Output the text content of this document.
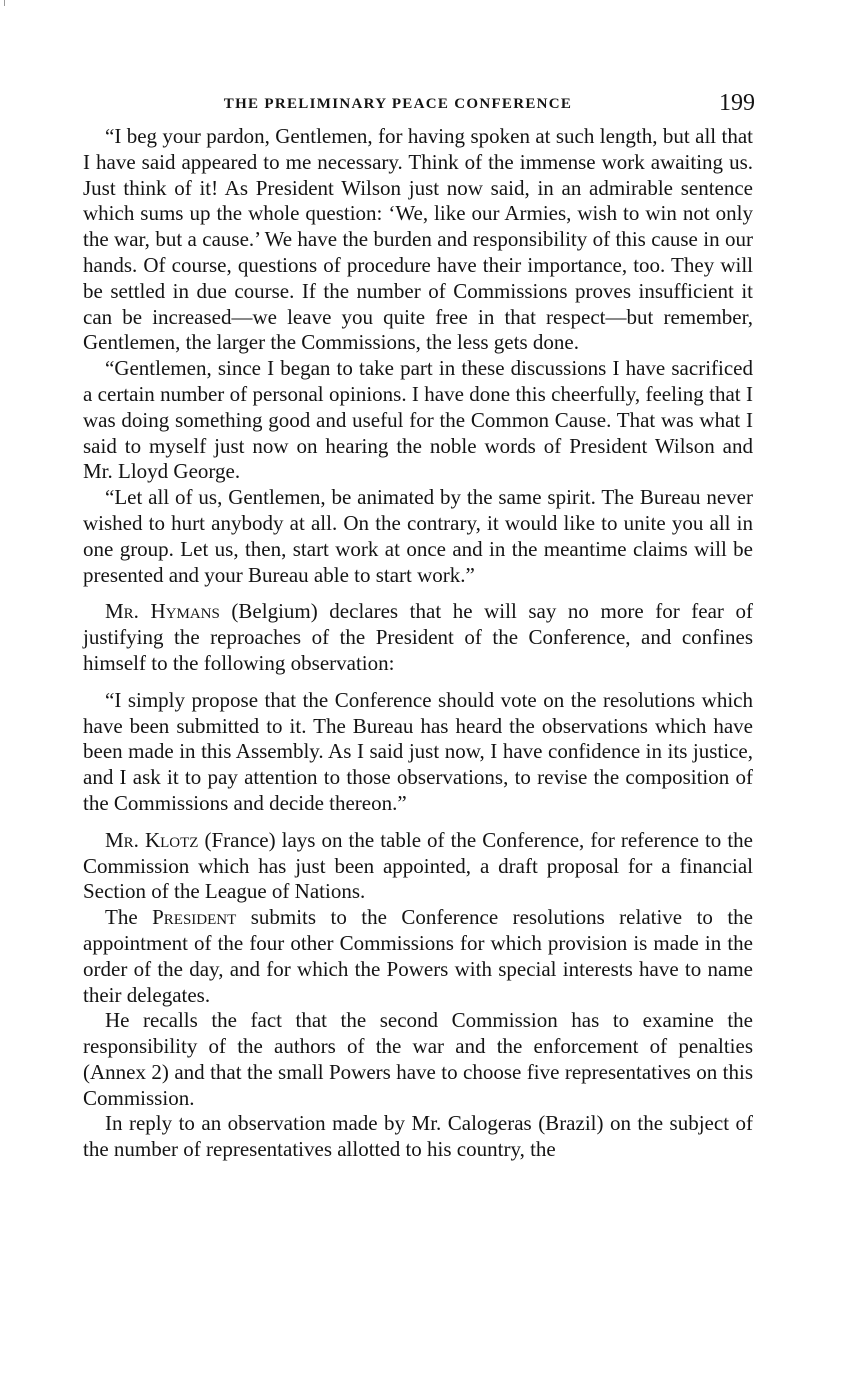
THE PRELIMINARY PEACE CONFERENCE	199

“I beg your pardon, Gentlemen, for having spoken at such length, but all that I have said appeared to me necessary. Think of the immense work awaiting us. Just think of it! As President Wilson just now said, in an admirable sentence which sums up the whole question: ‘We, like our Armies, wish to win not only the war, but a cause.’ We have the burden and responsibility of this cause in our hands. Of course, questions of procedure have their importance, too. They will be settled in due course. If the number of Commissions proves insufficient it can be increased—we leave you quite free in that respect—but remember, Gentlemen, the larger the Commissions, the less gets done.

“Gentlemen, since I began to take part in these discussions I have sacrificed a certain number of personal opinions. I have done this cheerfully, feeling that I was doing something good and useful for the Common Cause. That was what I said to myself just now on hearing the noble words of President Wilson and Mr. Lloyd George.

“Let all of us, Gentlemen, be animated by the same spirit. The Bureau never wished to hurt anybody at all. On the contrary, it would like to unite you all in one group. Let us, then, start work at once and in the meantime claims will be presented and your Bureau able to start work.”

Mr. Hymans (Belgium) declares that he will say no more for fear of justifying the reproaches of the President of the Conference, and confines himself to the following observation:

“I simply propose that the Conference should vote on the resolutions which have been submitted to it. The Bureau has heard the observations which have been made in this Assembly. As I said just now, I have confidence in its justice, and I ask it to pay attention to those observations, to revise the composition of the Commissions and decide thereon.”

Mr. Klotz (France) lays on the table of the Conference, for reference to the Commission which has just been appointed, a draft proposal for a financial Section of the League of Nations.

The President submits to the Conference resolutions relative to the appointment of the four other Commissions for which provision is made in the order of the day, and for which the Powers with special interests have to name their delegates.

He recalls the fact that the second Commission has to examine the responsibility of the authors of the war and the enforcement of penalties (Annex 2) and that the small Powers have to choose five representatives on this Commission.

In reply to an observation made by Mr. Calogeras (Brazil) on the subject of the number of representatives allotted to his country, the
